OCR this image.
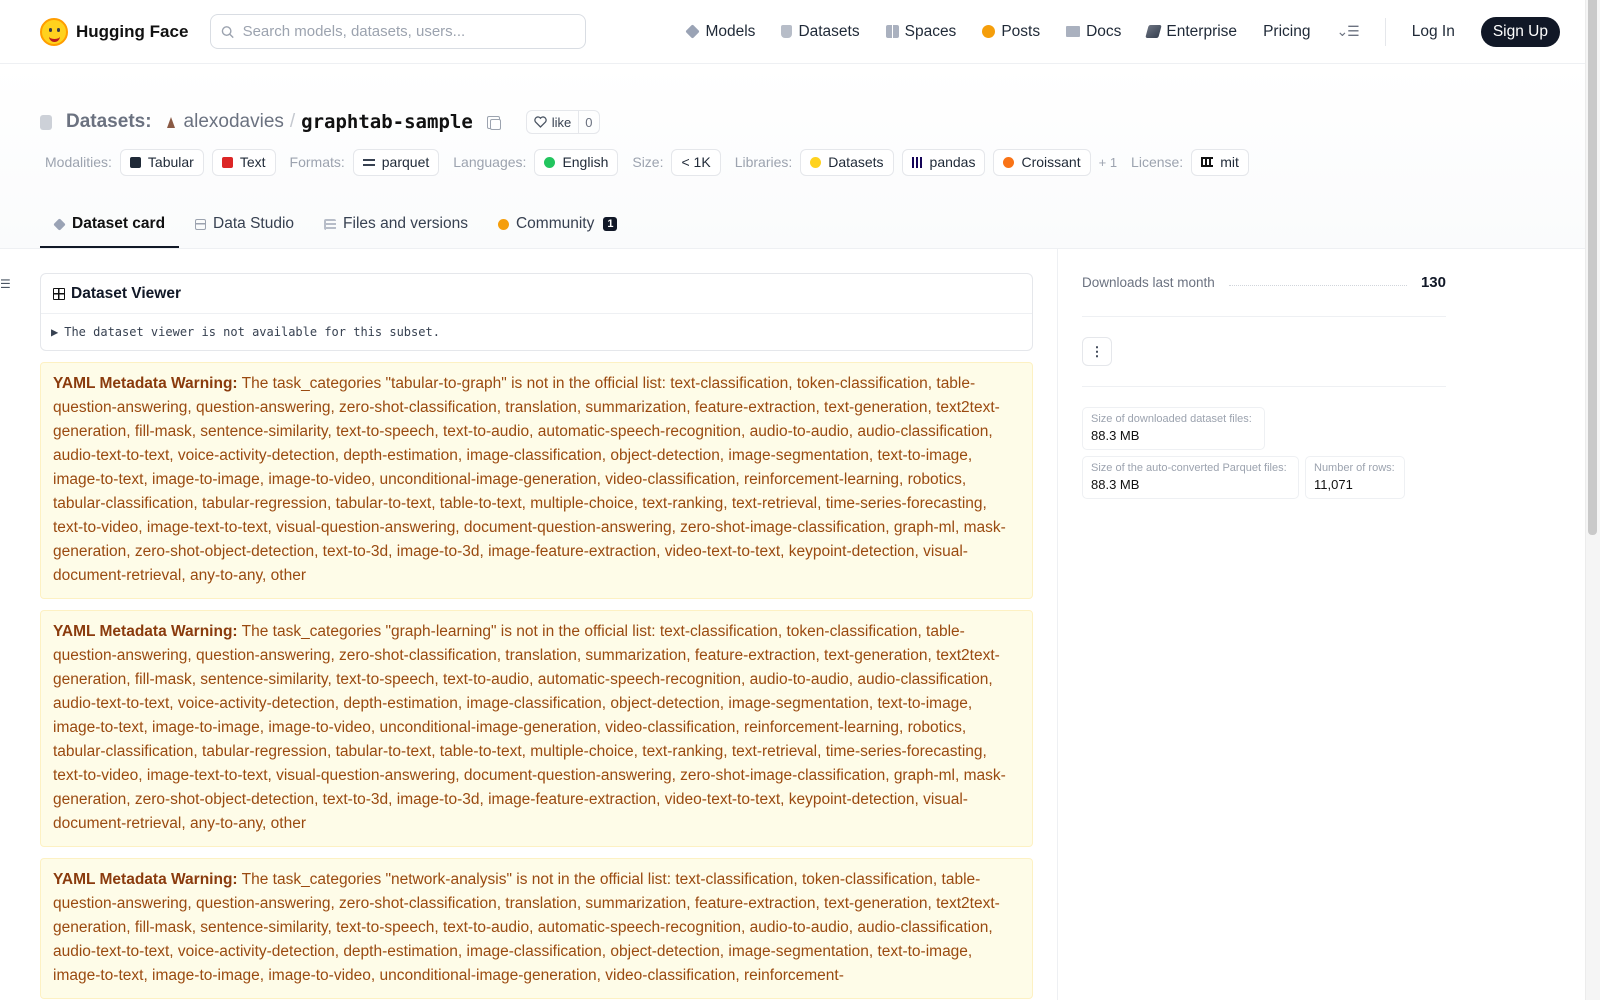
Hugging Face
Search models, datasets, users...	Models	Datasets	Spaces	Posts	Docs	Enterprise Pricing ⌄☰	Log In	Sign Up
Datasets: alexodavies / graphtab-sample	like	0
Modalities:	Tabular	Text Formats:	parquet Languages:	English Size:	< 1K	Libraries:	Datasets	pandas	Croissant + 1 License:	mit
Dataset card	Data Studio	Files and versions	Community	1
☰
Dataset Viewer
▶ The dataset viewer is not available for this subset.
YAML Metadata Warning: The task_categories "tabular-to-graph" is not in the official list: text-classification, token-classification, table-question-answering, question-answering, zero-shot-classification, translation, summarization, feature-extraction, text-generation, text2text-generation, fill-mask, sentence-similarity, text-to-speech, text-to-audio, automatic-speech-recognition, audio-to-audio, audio-classification, audio-text-to-text, voice-activity-detection, depth-estimation, image-classification, object-detection, image-segmentation, text-to-image, image-to-text, image-to-image, image-to-video, unconditional-image-generation, video-classification, reinforcement-learning, robotics, tabular-classification, tabular-regression, tabular-to-text, table-to-text, multiple-choice, text-ranking, text-retrieval, time-series-forecasting, text-to-video, image-text-to-text, visual-question-answering, document-question-answering, zero-shot-image-classification, graph-ml, mask-generation, zero-shot-object-detection, text-to-3d, image-to-3d, image-feature-extraction, video-text-to-text, keypoint-detection, visual-document-retrieval, any-to-any, other
YAML Metadata Warning: The task_categories "graph-learning" is not in the official list: text-classification, token-classification, table-question-answering, question-answering, zero-shot-classification, translation, summarization, feature-extraction, text-generation, text2text-generation, fill-mask, sentence-similarity, text-to-speech, text-to-audio, automatic-speech-recognition, audio-to-audio, audio-classification, audio-text-to-text, voice-activity-detection, depth-estimation, image-classification, object-detection, image-segmentation, text-to-image, image-to-text, image-to-image, image-to-video, unconditional-image-generation, video-classification, reinforcement-learning, robotics, tabular-classification, tabular-regression, tabular-to-text, table-to-text, multiple-choice, text-ranking, text-retrieval, time-series-forecasting, text-to-video, image-text-to-text, visual-question-answering, document-question-answering, zero-shot-image-classification, graph-ml, mask-generation, zero-shot-object-detection, text-to-3d, image-to-3d, image-feature-extraction, video-text-to-text, keypoint-detection, visual-document-retrieval, any-to-any, other
YAML Metadata Warning: The task_categories "network-analysis" is not in the official list: text-classification, token-classification, table-question-answering, question-answering, zero-shot-classification, translation, summarization, feature-extraction, text-generation, text2text-generation, fill-mask, sentence-similarity, text-to-speech, text-to-audio, automatic-speech-recognition, audio-to-audio, audio-classification, audio-text-to-text, voice-activity-detection, depth-estimation, image-classification, object-detection, image-segmentation, text-to-image, image-to-text, image-to-image, image-to-video, unconditional-image-generation, video-classification, reinforcement-
Downloads last month	130
⋮
Size of downloaded dataset files:
88.3 MB
Size of the auto-converted Parquet files:
88.3 MB
Number of rows:
11,071
